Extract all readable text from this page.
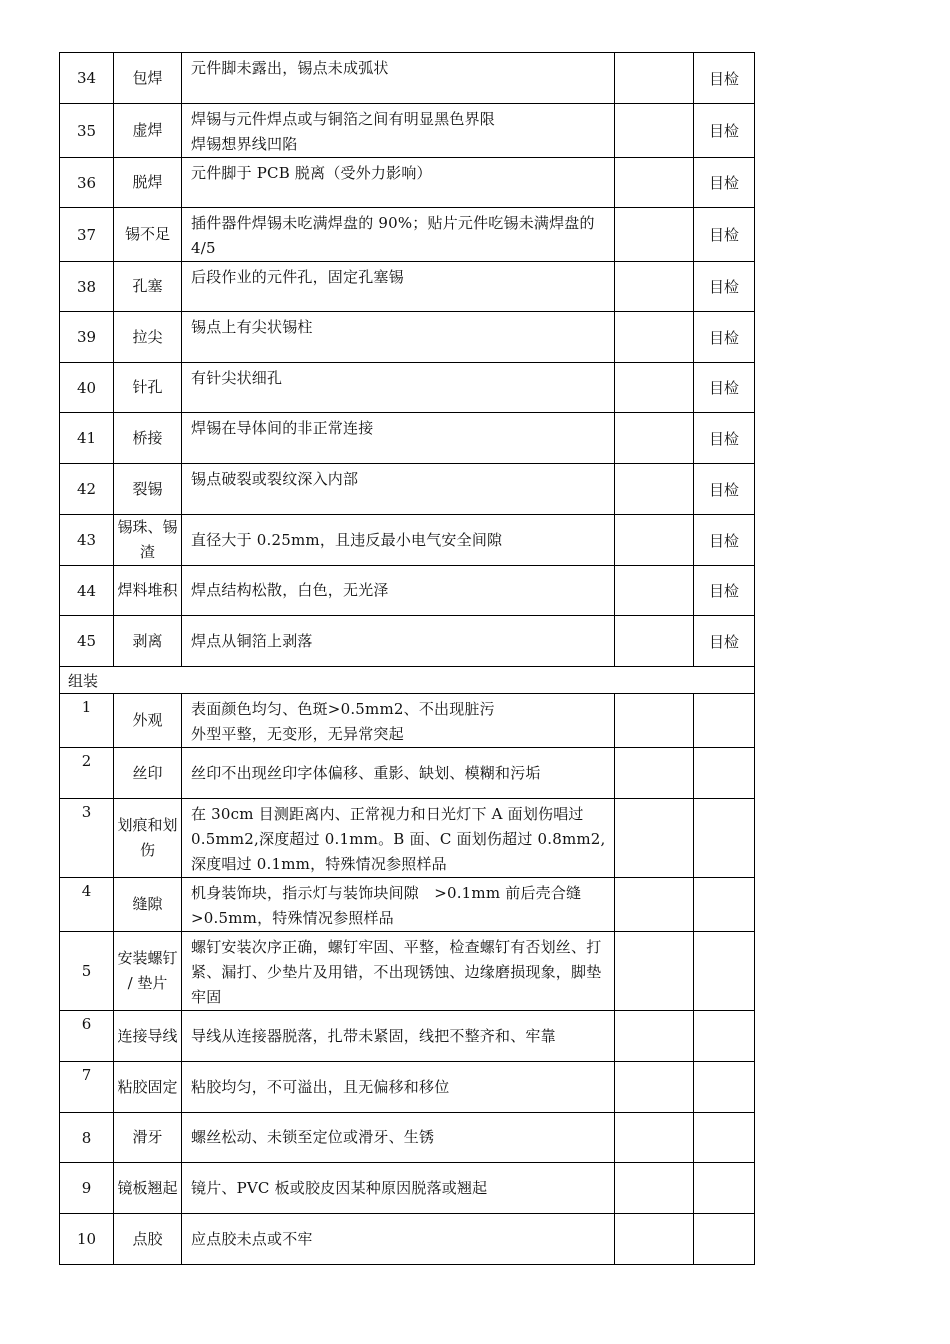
34	包焊	元件脚未露出，锡点未成弧状		目检
35	虚焊	焊锡与元件焊点或与铜箔之间有明显黑色界限
焊锡想界线凹陷		目检
36	脱焊	元件脚于 PCB 脱离（受外力影响）		目检
37	锡不足	插件器件焊锡未吃满焊盘的 90%；贴片元件吃锡未满焊盘的 4/5		目检
38	孔塞	后段作业的元件孔，固定孔塞锡		目检
39	拉尖	锡点上有尖状锡柱		目检
40	针孔	有针尖状细孔		目检
41	桥接	焊锡在导体间的非正常连接		目检
42	裂锡	锡点破裂或裂纹深入内部		目检
43	锡珠、锡渣	直径大于 0.25mm，且违反最小电气安全间隙		目检
44	焊料堆积	焊点结构松散，白色，无光泽		目检
45	剥离	焊点从铜箔上剥落		目检
组装				
1	外观	表面颜色均匀、色斑>0.5mm2、不出现脏污
外型平整，无变形，无异常突起		
2	丝印	丝印不出现丝印字体偏移、重影、缺划、模糊和污垢		
3	划痕和划伤	在 30cm 目测距离内、正常视力和日光灯下 A 面划伤唱过 0.5mm2,深度超过 0.1mm。B 面、C 面划伤超过 0.8mm2,深度唱过 0.1mm，特殊情况参照样品		
4	缝隙	机身装饰块，指示灯与装饰块间隙　>0.1mm 前后壳合缝>0.5mm，特殊情况参照样品		
5	安装螺钉 / 垫片	螺钉安装次序正确，螺钉牢固、平整，检查螺钉有否划丝、打紧、漏打、少垫片及用错，不出现锈蚀、边缘磨损现象，脚垫牢固		
6	连接导线	导线从连接器脱落，扎带未紧固，线把不整齐和、牢靠		
7	粘胶固定	粘胶均匀，不可溢出，且无偏移和移位		
8	滑牙	螺丝松动、未锁至定位或滑牙、生锈		
9	镜板翘起	镜片、PVC 板或胶皮因某种原因脱落或翘起		
10	点胶	应点胶未点或不牢		
